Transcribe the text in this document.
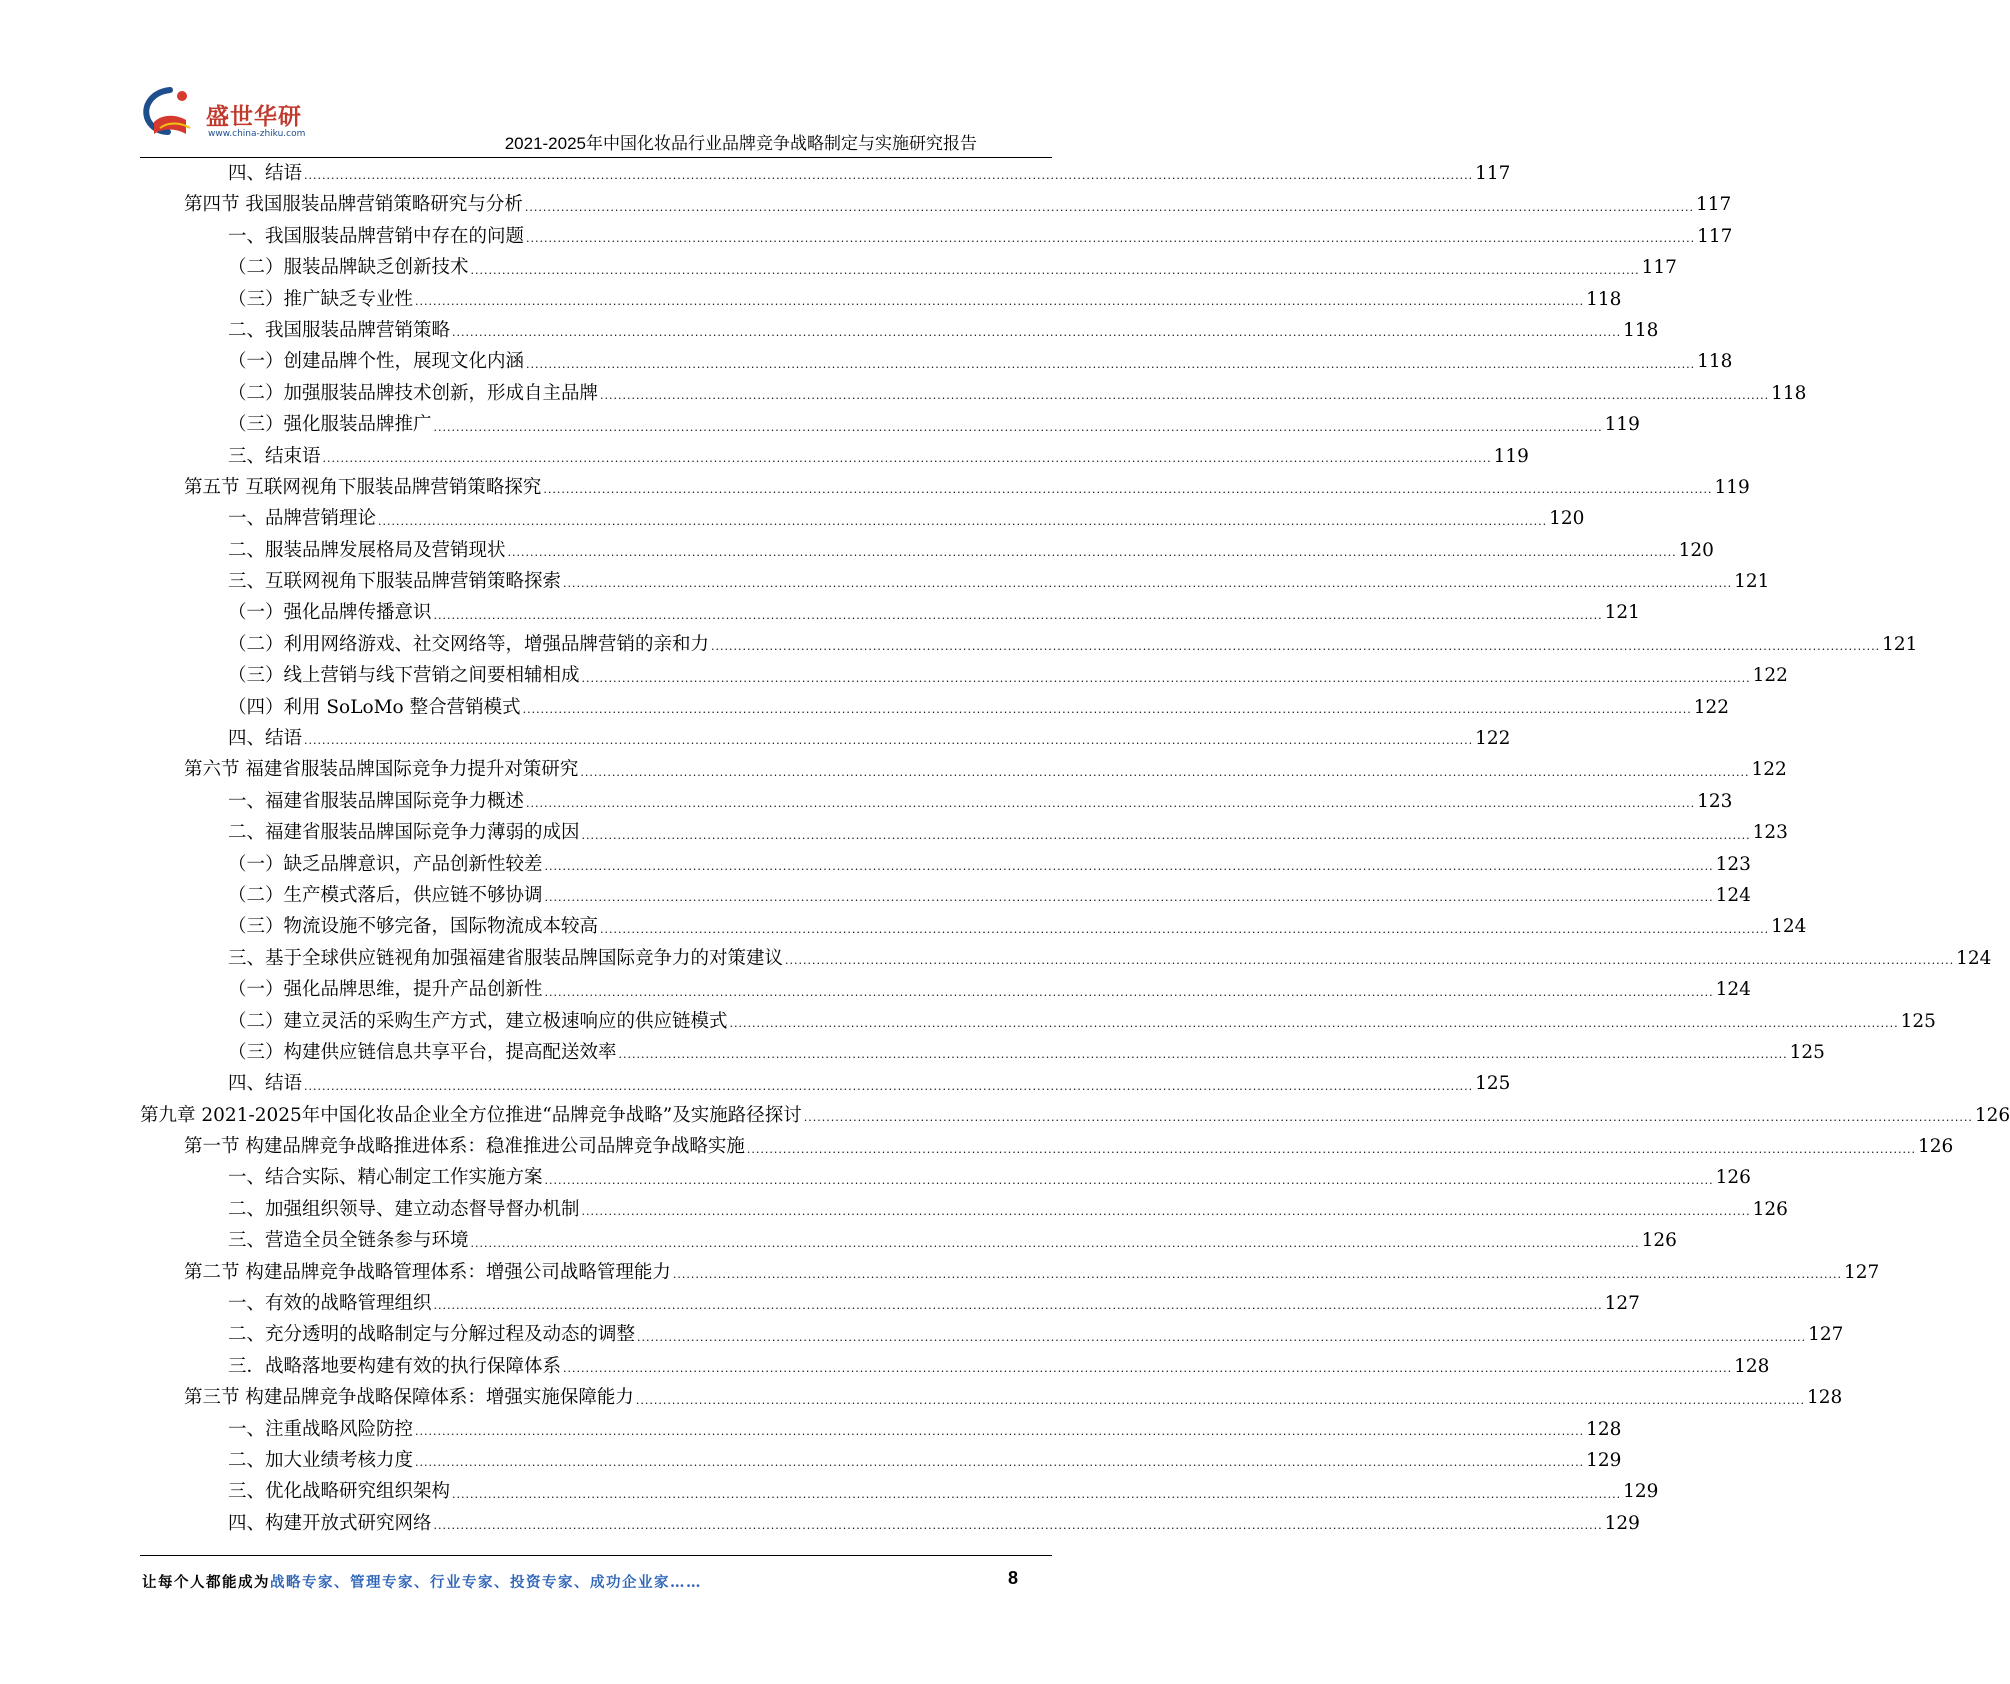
盛世华研
www.china-zhiku.com	2021-2025年中国化妆品行业品牌竞争战略制定与实施研究报告
四、结语 .................................................................................................................................................................................................................................................................... 117
第四节 我国服装品牌营销策略研究与分析 .................................................................................................................................................................................................................................................................... 117
一、我国服装品牌营销中存在的问题 .................................................................................................................................................................................................................................................................... 117
（二）服装品牌缺乏创新技术 .................................................................................................................................................................................................................................................................... 117
（三）推广缺乏专业性 .................................................................................................................................................................................................................................................................... 118
二、我国服装品牌营销策略 .................................................................................................................................................................................................................................................................... 118
（一）创建品牌个性，展现文化内涵 .................................................................................................................................................................................................................................................................... 118
（二）加强服装品牌技术创新，形成自主品牌 .................................................................................................................................................................................................................................................................... 118
（三）强化服装品牌推广 .................................................................................................................................................................................................................................................................... 119
三、结束语 .................................................................................................................................................................................................................................................................... 119
第五节 互联网视角下服装品牌营销策略探究 .................................................................................................................................................................................................................................................................... 119
一、品牌营销理论 .................................................................................................................................................................................................................................................................... 120
二、服装品牌发展格局及营销现状 .................................................................................................................................................................................................................................................................... 120
三、互联网视角下服装品牌营销策略探索 .................................................................................................................................................................................................................................................................... 121
（一）强化品牌传播意识 .................................................................................................................................................................................................................................................................... 121
（二）利用网络游戏、社交网络等，增强品牌营销的亲和力 .................................................................................................................................................................................................................................................................... 121
（三）线上营销与线下营销之间要相辅相成 .................................................................................................................................................................................................................................................................... 122
（四）利用 SoLoMo 整合营销模式 .................................................................................................................................................................................................................................................................... 122
四、结语 .................................................................................................................................................................................................................................................................... 122
第六节 福建省服装品牌国际竞争力提升对策研究 .................................................................................................................................................................................................................................................................... 122
一、福建省服装品牌国际竞争力概述 .................................................................................................................................................................................................................................................................... 123
二、福建省服装品牌国际竞争力薄弱的成因 .................................................................................................................................................................................................................................................................... 123
（一）缺乏品牌意识，产品创新性较差 .................................................................................................................................................................................................................................................................... 123
（二）生产模式落后，供应链不够协调 .................................................................................................................................................................................................................................................................... 124
（三）物流设施不够完备，国际物流成本较高 .................................................................................................................................................................................................................................................................... 124
三、基于全球供应链视角加强福建省服装品牌国际竞争力的对策建议 .................................................................................................................................................................................................................................................................... 124
（一）强化品牌思维，提升产品创新性 .................................................................................................................................................................................................................................................................... 124
（二）建立灵活的采购生产方式，建立极速响应的供应链模式 .................................................................................................................................................................................................................................................................... 125
（三）构建供应链信息共享平台，提高配送效率 .................................................................................................................................................................................................................................................................... 125
四、结语 .................................................................................................................................................................................................................................................................... 125
第九章 2021-2025年中国化妆品企业全方位推进“品牌竞争战略”及实施路径探讨 .................................................................................................................................................................................................................................................................... 126
第一节 构建品牌竞争战略推进体系：稳准推进公司品牌竞争战略实施 .................................................................................................................................................................................................................................................................... 126
一、结合实际、精心制定工作实施方案 .................................................................................................................................................................................................................................................................... 126
二、加强组织领导、建立动态督导督办机制 .................................................................................................................................................................................................................................................................... 126
三、营造全员全链条参与环境 .................................................................................................................................................................................................................................................................... 126
第二节 构建品牌竞争战略管理体系：增强公司战略管理能力 .................................................................................................................................................................................................................................................................... 127
一、有效的战略管理组织 .................................................................................................................................................................................................................................................................... 127
二、充分透明的战略制定与分解过程及动态的调整 .................................................................................................................................................................................................................................................................... 127
三．战略落地要构建有效的执行保障体系 .................................................................................................................................................................................................................................................................... 128
第三节 构建品牌竞争战略保障体系：增强实施保障能力 .................................................................................................................................................................................................................................................................... 128
一、注重战略风险防控 .................................................................................................................................................................................................................................................................... 128
二、加大业绩考核力度 .................................................................................................................................................................................................................................................................... 129
三、优化战略研究组织架构 .................................................................................................................................................................................................................................................................... 129
四、构建开放式研究网络 .................................................................................................................................................................................................................................................................... 129
让每个人都能成为战略专家、管理专家、行业专家、投资专家、成功企业家……	8
